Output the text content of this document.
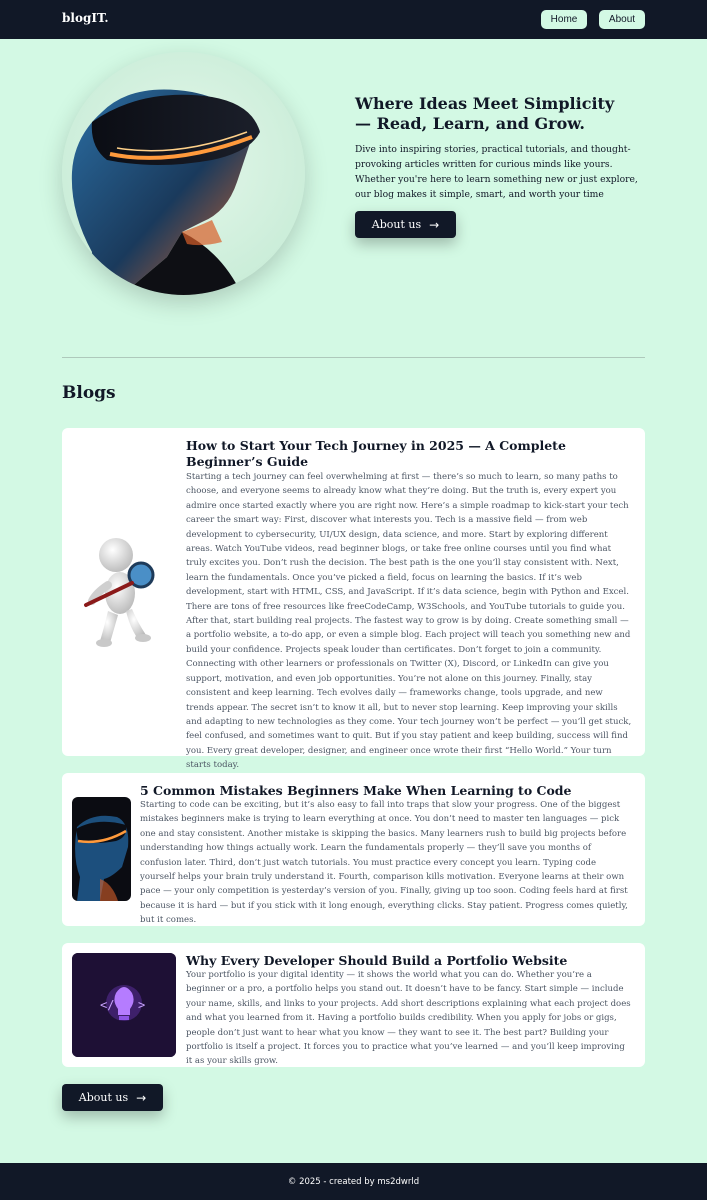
blogIT.	Home	About
Where Ideas Meet Simplicity — Read, Learn, and Grow.
Dive into inspiring stories, practical tutorials, and thought-provoking articles written for curious minds like yours. Whether you're here to learn something new or just explore, our blog makes it simple, smart, and worth your time
About us →
Blogs
How to Start Your Tech Journey in 2025 — A Complete Beginner’s Guide
Starting a tech journey can feel overwhelming at first — there’s so much to learn, so many paths to choose, and everyone seems to already know what they’re doing. But the truth is, every expert you admire once started exactly where you are right now. Here’s a simple roadmap to kick-start your tech career the smart way: First, discover what interests you. Tech is a massive field — from web development to cybersecurity, UI/UX design, data science, and more. Start by exploring different areas. Watch YouTube videos, read beginner blogs, or take free online courses until you find what truly excites you. Don’t rush the decision. The best path is the one you’ll stay consistent with. Next, learn the fundamentals. Once you’ve picked a field, focus on learning the basics. If it’s web development, start with HTML, CSS, and JavaScript. If it’s data science, begin with Python and Excel. There are tons of free resources like freeCodeCamp, W3Schools, and YouTube tutorials to guide you. After that, start building real projects. The fastest way to grow is by doing. Create something small — a portfolio website, a to-do app, or even a simple blog. Each project will teach you something new and build your confidence. Projects speak louder than certificates. Don’t forget to join a community. Connecting with other learners or professionals on Twitter (X), Discord, or LinkedIn can give you support, motivation, and even job opportunities. You’re not alone on this journey. Finally, stay consistent and keep learning. Tech evolves daily — frameworks change, tools upgrade, and new trends appear. The secret isn’t to know it all, but to never stop learning. Keep improving your skills and adapting to new technologies as they come. Your tech journey won’t be perfect — you’ll get stuck, feel confused, and sometimes want to quit. But if you stay patient and keep building, success will find you. Every great developer, designer, and engineer once wrote their first “Hello World.” Your turn starts today.
5 Common Mistakes Beginners Make When Learning to Code
Starting to code can be exciting, but it’s also easy to fall into traps that slow your progress. One of the biggest mistakes beginners make is trying to learn everything at once. You don’t need to master ten languages — pick one and stay consistent. Another mistake is skipping the basics. Many learners rush to build big projects before understanding how things actually work. Learn the fundamentals properly — they’ll save you months of confusion later. Third, don’t just watch tutorials. You must practice every concept you learn. Typing code yourself helps your brain truly understand it. Fourth, comparison kills motivation. Everyone learns at their own pace — your only competition is yesterday’s version of you. Finally, giving up too soon. Coding feels hard at first because it is hard — but if you stick with it long enough, everything clicks. Stay patient. Progress comes quietly, but it comes.
</ >
Why Every Developer Should Build a Portfolio Website
Your portfolio is your digital identity — it shows the world what you can do. Whether you’re a beginner or a pro, a portfolio helps you stand out. It doesn’t have to be fancy. Start simple — include your name, skills, and links to your projects. Add short descriptions explaining what each project does and what you learned from it. Having a portfolio builds credibility. When you apply for jobs or gigs, people don’t just want to hear what you know — they want to see it. The best part? Building your portfolio is itself a project. It forces you to practice what you’ve learned — and you’ll keep improving it as your skills grow.
About us →
© 2025 - created by ms2dwrld
